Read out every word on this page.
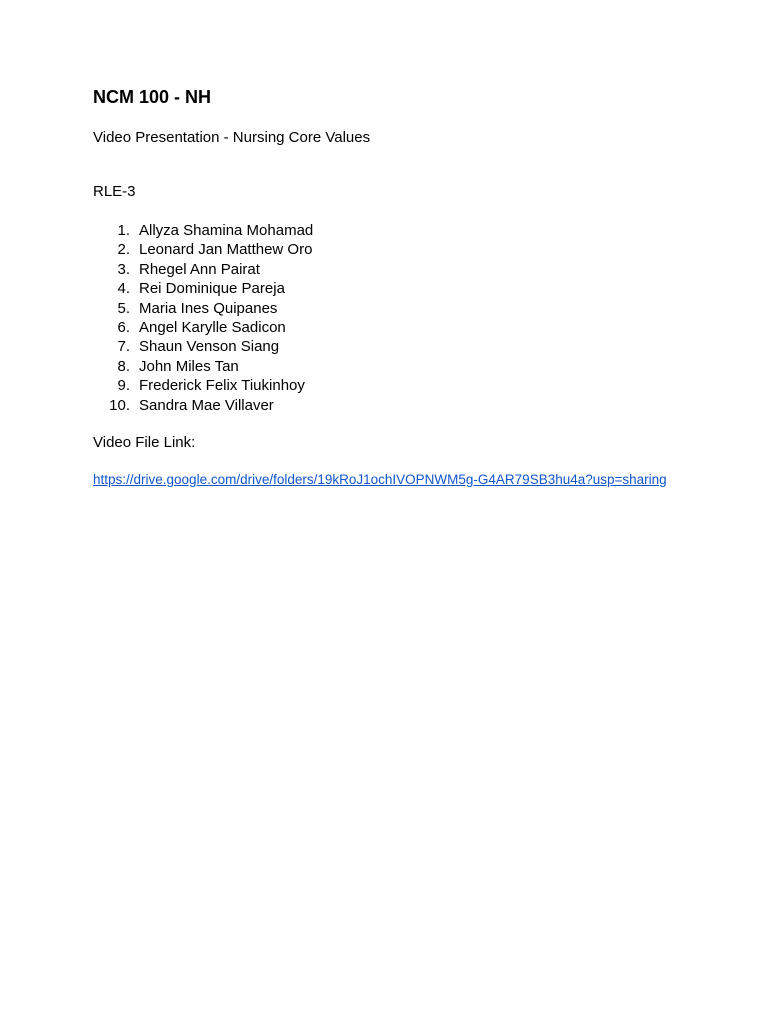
NCM 100 - NH

Video Presentation - Nursing Core Values

RLE-3

1. Allyza Shamina Mohamad
2. Leonard Jan Matthew Oro
3. Rhegel Ann Pairat
4. Rei Dominique Pareja
5. Maria Ines Quipanes
6. Angel Karylle Sadicon
7. Shaun Venson Siang
8. John Miles Tan
9. Frederick Felix Tiukinhoy
10. Sandra Mae Villaver

Video File Link:

https://drive.google.com/drive/folders/19kRoJ1ochIVOPNWM5g-G4AR79SB3hu4a?usp=sharing
